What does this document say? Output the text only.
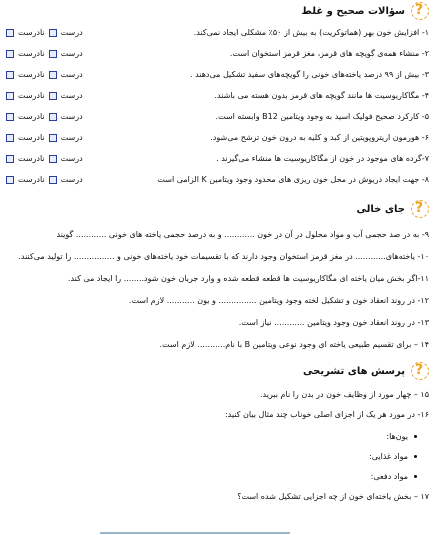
?
سؤالات صحیح و غلط
۱- افزایش خون بهر (هماتوکریت) به بیش از ۵۰٪ مشکلی ایجاد نمی‌کند.
درست
نادرست
۲- منشاء همه‌ی گویچه های قرمز، مغز قرمز استخوان است.
درست
نادرست
۳- بیش از ۹۹ درصد یاخته‌های خونی را گویچه‌های سفید تشکیل می‌دهند .
درست
نادرست
۴- مگاکاریوسیت ها مانند گویچه های قرمز بدون هسته می باشند.
درست
نادرست
۵- کارکرد صحیح فولیک اسید به وجود ویتامین B12 وابسته است.
درست
نادرست
۶- هورمون اریتروپویتین از کبد و کلیه به درون خون ترشح می‌شود.
درست
نادرست
۷-گرده های موجود در خون از مگاکاریوسیت ها منشاء می‌گیرند .
درست
نادرست
۸- جهت ایجاد دریوش در محل خون ریزی های محدود وجود ویتامین K الزامی است
درست
نادرست
?
جای خالی
۹- به در صد حجمی آب و مواد محلول در آن در خون ............ و به درصد حجمی یاخته های خونی ............ گویند
۱۰- یاخته‌های............ در مغز قرمز استخوان وجود دارند که با تقسیمات خود یاخته‌های خونی و ................ را تولید می‌کنند.
۱۱-اگر بخش میان یاخته ای مگاکاریوسیت ها قطعه قطعه شده و وارد جریان خون شود........ را ایجاد می کند.
۱۲- در روند انعقاد خون و تشکیل لخته وجود ویتامین ............... و یون ........... لازم است.
۱۳- در روند انعقاد خون وجود ویتامین ............ نیاز است.
۱۴ – برای تقسیم طبیعی یاخته ای وجود نوعی ویتامین B با نام........... لازم است.
?
پرسش های تشریحی
۱۵ – چهار مورد از وظایف خون در بدن را نام ببرید.
۱۶- در مورد هر یک از اجزای اصلی خوناب چند مثال بیان کنید:
یون‌ها:
مواد غذایی:
مواد دفعی:
۱۷ – بخش یاخته‌ای خون از چه اجزایی تشکیل شده است؟
